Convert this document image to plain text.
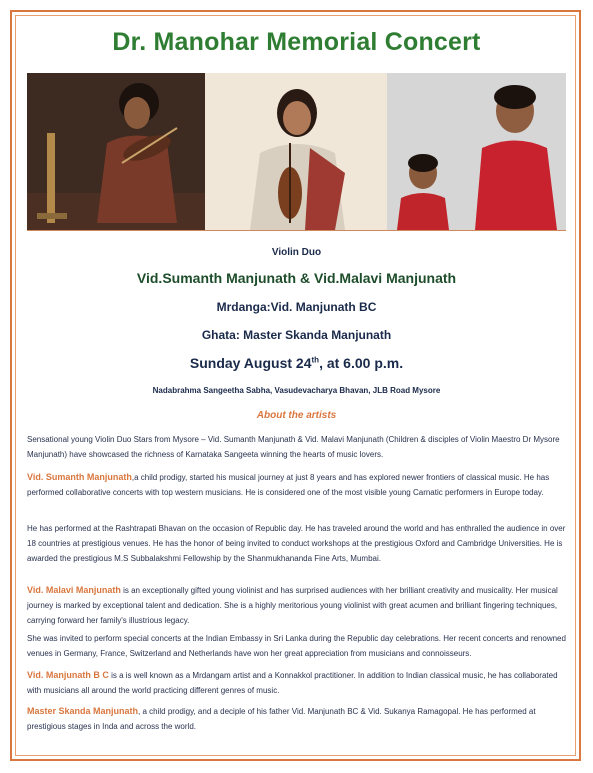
Dr. Manohar Memorial Concert
Violin Duo
Vid.Sumanth Manjunath & Vid.Malavi Manjunath
Mrdanga:Vid. Manjunath BC
Ghata: Master Skanda Manjunath
Sunday August 24th, at 6.00 p.m.
Nadabrahma Sangeetha Sabha, Vasudevacharya Bhavan, JLB Road Mysore
About the artists
Sensational young Violin Duo Stars from Mysore – Vid. Sumanth Manjunath & Vid. Malavi Manjunath (Children & disciples of Violin Maestro Dr Mysore Manjunath) have showcased the richness of Karnataka Sangeeta winning the hearts of music lovers.
Vid. Sumanth Manjunath,a child prodigy, started his musical journey at just 8 years and has explored newer frontiers of classical music. He has performed collaborative concerts with top western musicians. He is considered one of the most visible young Carnatic performers in Europe today.
He has performed at the Rashtrapati Bhavan on the occasion of Republic day. He has traveled around the world and has enthralled the audience in over 18 countries at prestigious venues. He has the honor of being invited to conduct workshops at the prestigious Oxford and Cambridge Universities. He is awarded the prestigious M.S Subbalakshmi Fellowship by the Shanmukhananda Fine Arts, Mumbai.
Vid. Malavi Manjunath is an exceptionally gifted young violinist and has surprised audiences with her brilliant creativity and musicality. Her musical journey is marked by exceptional talent and dedication. She is a highly meritorious young violinist with great acumen and brilliant fingering techniques, carrying forward her family's illustrious legacy.
She was invited to perform special concerts at the Indian Embassy in Sri Lanka during the Republic day celebrations. Her recent concerts and renowned venues in Germany, France, Switzerland and Netherlands have won her great appreciation from musicians and connoisseurs.
Vid. Manjunath B C is a is well known as a Mrdangam artist and a Konnakkol practitioner. In addition to Indian classical music, he has collaborated with musicians all around the world practicing different genres of music.
Master Skanda Manjunath, a child prodigy, and a deciple of his father Vid. Manjunath BC & Vid. Sukanya Ramagopal. He has performed at prestigious stages in Inda and across the world.
